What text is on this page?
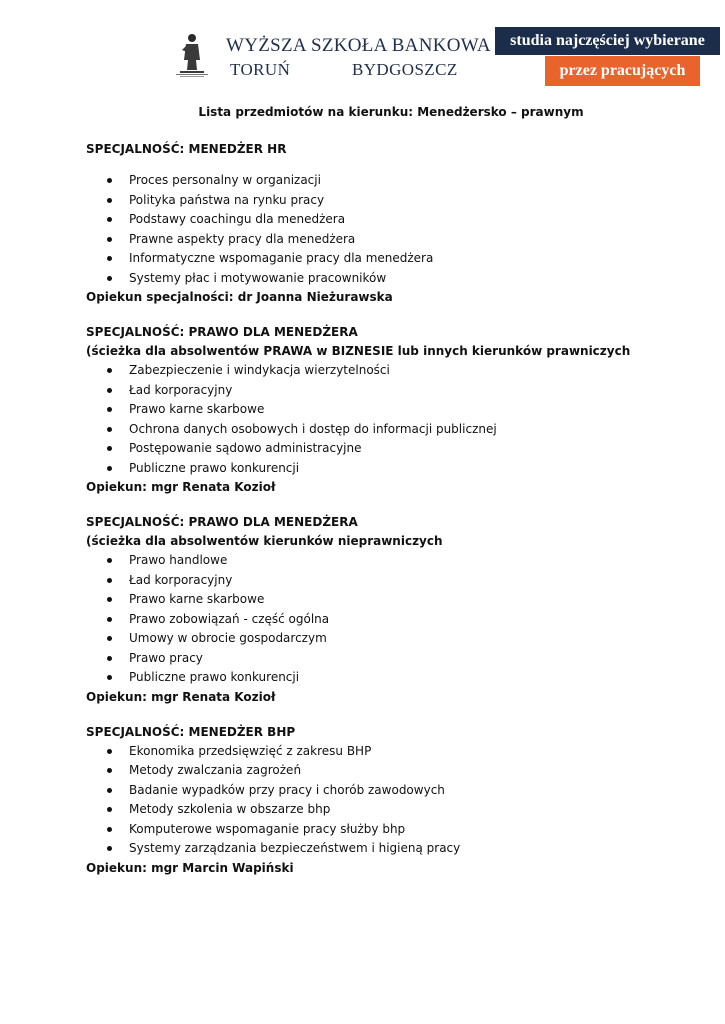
WYŻSZA SZKOŁA BANKOWA
TORUŃ	BYDGOSZCZ
studia najczęściej wybierane
przez pracujących

Lista przedmiotów na kierunku: Menedżersko – prawnym

SPECJALNOŚĆ: MENEDŻER HR

Proces personalny w organizacji
Polityka państwa na rynku pracy
Podstawy coachingu dla menedżera
Prawne aspekty pracy dla menedżera
Informatyczne wspomaganie pracy dla menedżera
Systemy płac i motywowanie pracowników

Opiekun specjalności: dr Joanna Nieżurawska

SPECJALNOŚĆ: PRAWO DLA MENEDŻERA

(ścieżka dla absolwentów PRAWA w BIZNESIE lub innych kierunków prawniczych

Zabezpieczenie i windykacja wierzytelności
Ład korporacyjny
Prawo karne skarbowe
Ochrona danych osobowych i dostęp do informacji publicznej
Postępowanie sądowo administracyjne
Publiczne prawo konkurencji

Opiekun: mgr Renata Kozioł

SPECJALNOŚĆ: PRAWO DLA MENEDŻERA

(ścieżka dla absolwentów kierunków nieprawniczych

Prawo handlowe
Ład korporacyjny
Prawo karne skarbowe
Prawo zobowiązań - część ogólna
Umowy w obrocie gospodarczym
Prawo pracy
Publiczne prawo konkurencji

Opiekun: mgr Renata Kozioł

SPECJALNOŚĆ: MENEDŻER BHP

Ekonomika przedsięwzięć z zakresu BHP
Metody zwalczania zagrożeń
Badanie wypadków przy pracy i chorób zawodowych
Metody szkolenia w obszarze bhp
Komputerowe wspomaganie pracy służby bhp
Systemy zarządzania bezpieczeństwem i higieną pracy

Opiekun: mgr Marcin Wapiński
